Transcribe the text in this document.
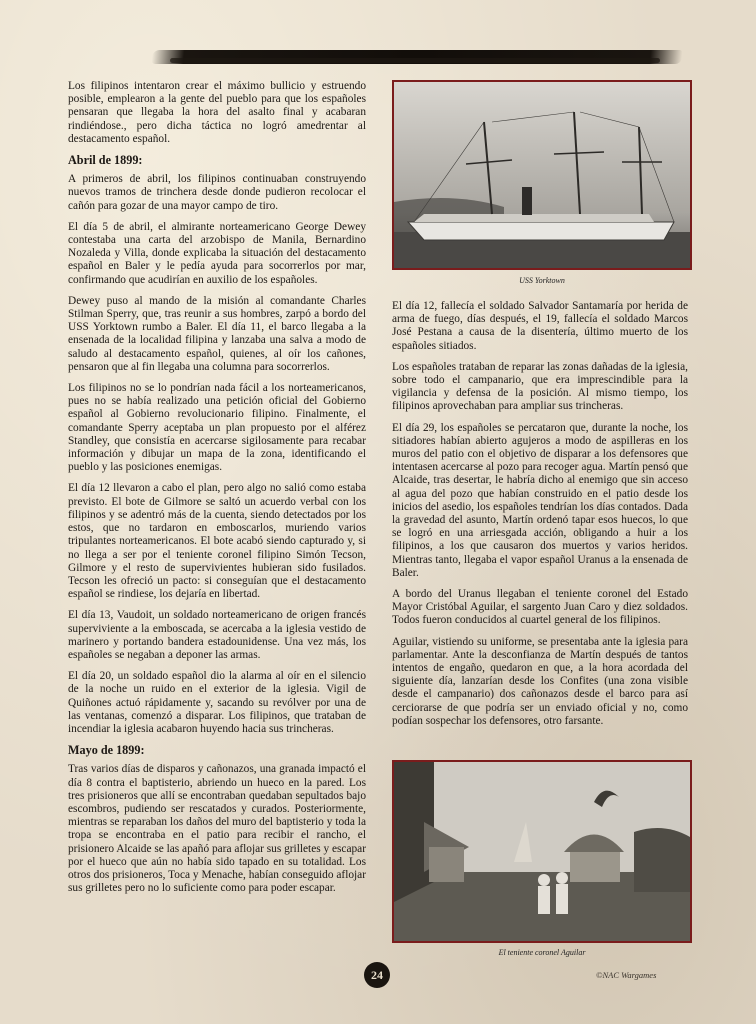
Los filipinos intentaron crear el máximo bullicio y estruendo posible, emplearon a la gente del pueblo para que los españoles pensaran que llegaba la hora del asalto final y acabaran rindiéndose., pero dicha táctica no logró amedrentar al destacamento español.

Abril de 1899:

A primeros de abril, los filipinos continuaban construyendo nuevos tramos de trinchera desde donde pudieron recolocar el cañón para gozar de una mayor campo de tiro.

El día 5 de abril, el almirante norteamericano George Dewey contestaba una carta del arzobispo de Manila, Bernardino Nozaleda y Villa, donde explicaba la situación del destacamento español en Baler y le pedía ayuda para socorrerlos por mar, confirmando que acudirían en auxilio de los españoles.

Dewey puso al mando de la misión al comandante Charles Stilman Sperry, que, tras reunir a sus hombres, zarpó a bordo del USS Yorktown rumbo a Baler. El día 11, el barco llegaba a la ensenada de la localidad filipina y lanzaba una salva a modo de saludo al destacamento español, quienes, al oír los cañones, pensaron que al fin llegaba una columna para socorrerlos.

Los filipinos no se lo pondrían nada fácil a los norteamericanos, pues no se había realizado una petición oficial del Gobierno español al Gobierno revolucionario filipino. Finalmente, el comandante Sperry aceptaba un plan propuesto por el alférez Standley, que consistía en acercarse sigilosamente para recabar información y dibujar un mapa de la zona, identificando el pueblo y las posiciones enemigas.

El día 12 llevaron a cabo el plan, pero algo no salió como estaba previsto. El bote de Gilmore se saltó un acuerdo verbal con los filipinos y se adentró más de la cuenta, siendo detectados por los estos, que no tardaron en emboscarlos, muriendo varios tripulantes norteamericanos. El bote acabó siendo capturado y, si no llega a ser por el teniente coronel filipino Simón Tecson, Gilmore y el resto de supervivientes hubieran sido fusilados. Tecson les ofreció un pacto: si conseguían que el destacamento español se rindiese, los dejaría en libertad.

El día 13, Vaudoit, un soldado norteamericano de origen francés superviviente a la emboscada, se acercaba a la iglesia vestido de marinero y portando bandera estadounidense. Una vez más, los españoles se negaban a deponer las armas.

El día 20, un soldado español dio la alarma al oír en el silencio de la noche un ruido en el exterior de la iglesia. Vigil de Quiñones actuó rápidamente y, sacando su revólver por una de las ventanas, comenzó a disparar. Los filipinos, que trataban de incendiar la iglesia acabaron huyendo hacia sus trincheras.

Mayo de 1899:

Tras varios días de disparos y cañonazos, una granada impactó el día 8 contra el baptisterio, abriendo un hueco en la pared. Los tres prisioneros que allí se encontraban quedaban sepultados bajo escombros, pudiendo ser rescatados y curados. Posteriormente, mientras se reparaban los daños del muro del baptisterio y toda la tropa se encontraba en el patio para recibir el rancho, el prisionero Alcaide se las apañó para aflojar sus grilletes y escapar por el hueco que aún no había sido tapado en su totalidad. Los otros dos prisioneros, Toca y Menache, habían conseguido aflojar sus grilletes pero no lo suficiente como para poder escapar.

USS Yorktown

El día 12, fallecía el soldado Salvador Santamaría por herida de arma de fuego, días después, el 19, fallecía el soldado Marcos José Pestana a causa de la disentería, último muerto de los españoles sitiados.

Los españoles trataban de reparar las zonas dañadas de la iglesia, sobre todo el campanario, que era imprescindible para la vigilancia y defensa de la posición. Al mismo tiempo, los filipinos aprovechaban para ampliar sus trincheras.

El día 29, los españoles se percataron que, durante la noche, los sitiadores habían abierto agujeros a modo de aspilleras en los muros del patio con el objetivo de disparar a los defensores que intentasen acercarse al pozo para recoger agua. Martín pensó que Alcaide, tras desertar, le habría dicho al enemigo que sin acceso al agua del pozo que habían construido en el patio desde los inicios del asedio, los españoles tendrían los días contados. Dada la gravedad del asunto, Martín ordenó tapar esos huecos, lo que se logró en una arriesgada acción, obligando a huir a los filipinos, a los que causaron dos muertos y varios heridos. Mientras tanto, llegaba el vapor español Uranus a la ensenada de Baler.

A bordo del Uranus llegaban el teniente coronel del Estado Mayor Cristóbal Aguilar, el sargento Juan Caro y diez soldados. Todos fueron conducidos al cuartel general de los filipinos.

Aguilar, vistiendo su uniforme, se presentaba ante la iglesia para parlamentar. Ante la desconfianza de Martín después de tantos intentos de engaño, quedaron en que, a la hora acordada del siguiente día, lanzarían desde los Confites (una zona visible desde el campanario) dos cañonazos desde el barco para así cerciorarse de que podría ser un enviado oficial y no, como podían sospechar los defensores, otro farsante.

El teniente coronel Aguilar
24	©NAC Wargames
